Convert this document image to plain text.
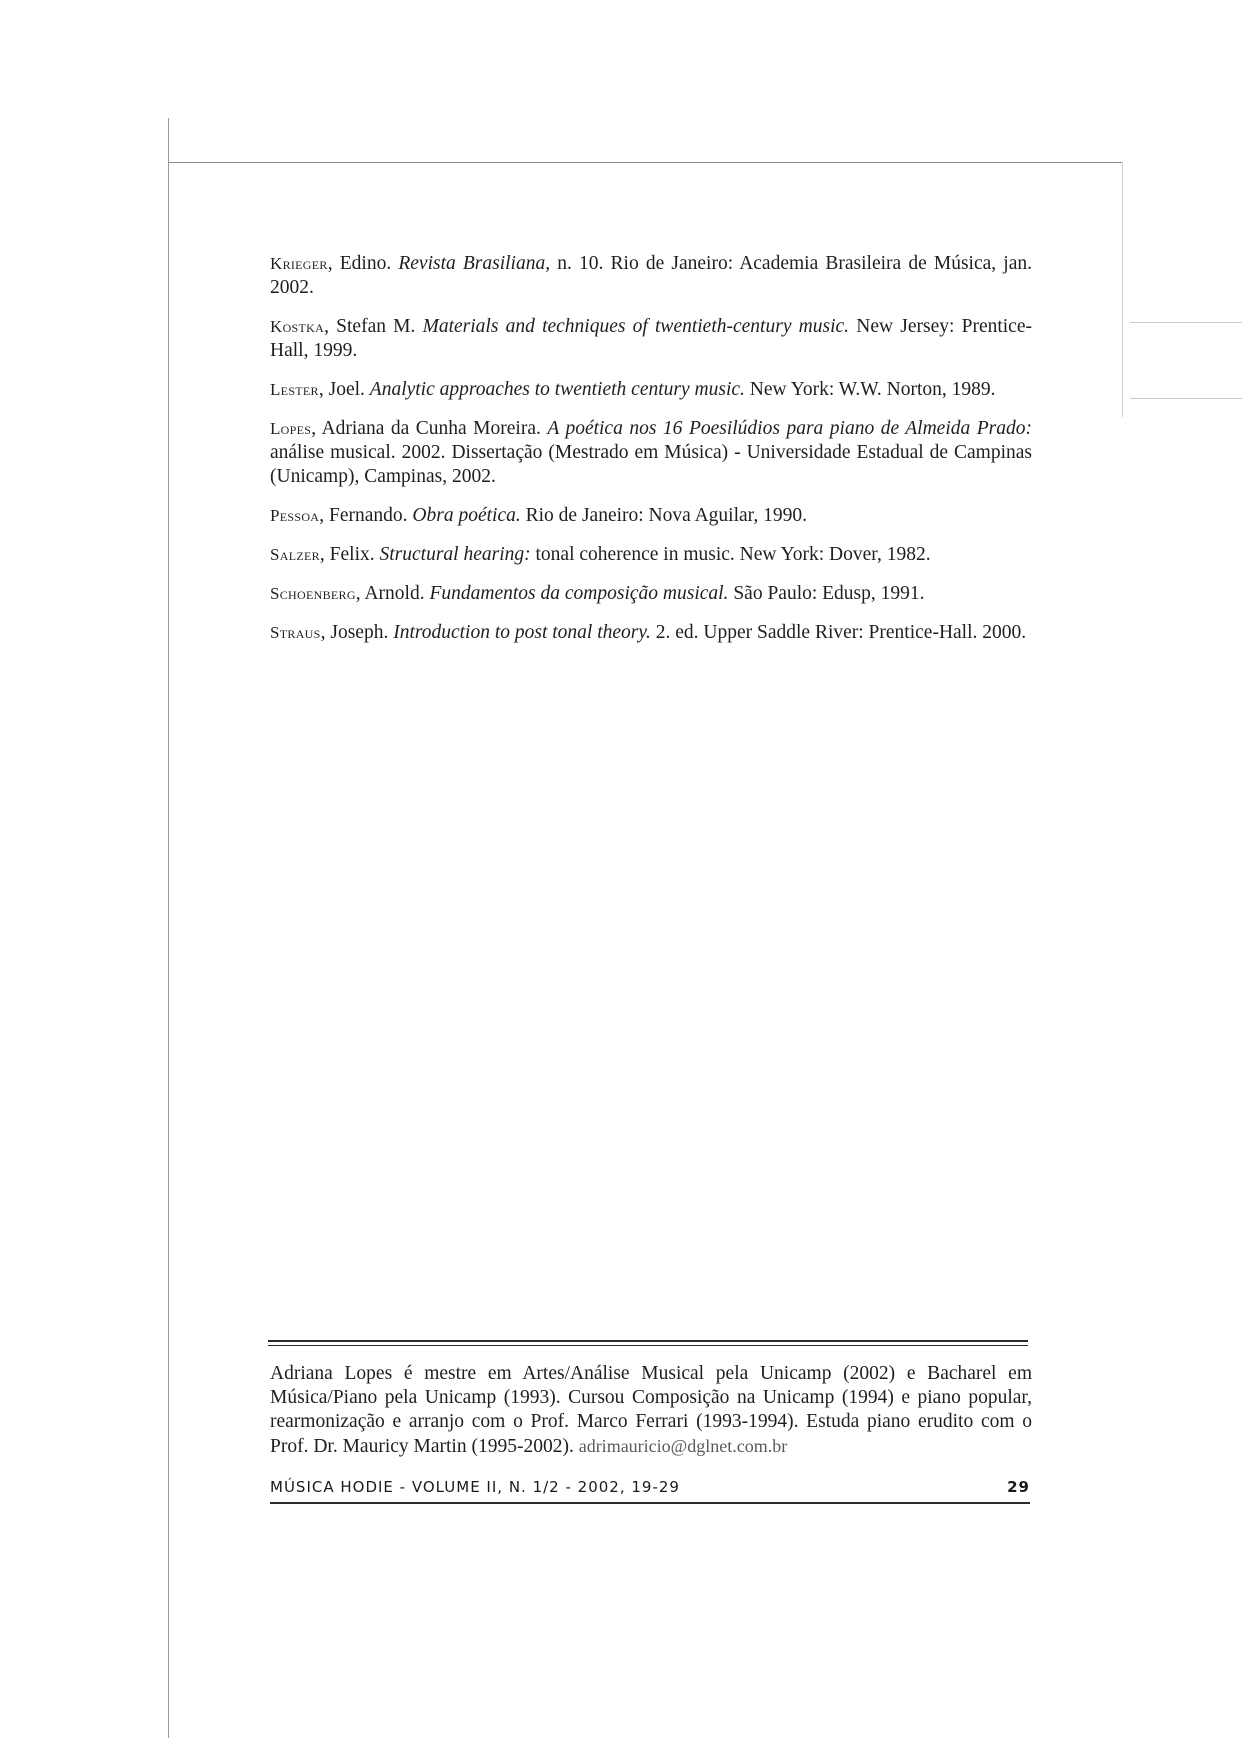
Krieger, Edino. Revista Brasiliana, n. 10. Rio de Janeiro: Academia Brasileira de Música, jan. 2002.

Kostka, Stefan M. Materials and techniques of twentieth-century music. New Jersey: Prentice-Hall, 1999.

Lester, Joel. Analytic approaches to twentieth century music. New York: W.W. Norton, 1989.

Lopes, Adriana da Cunha Moreira. A poética nos 16 Poesilúdios para piano de Almeida Prado: análise musical. 2002. Dissertação (Mestrado em Música) - Universidade Estadual de Campinas (Unicamp), Campinas, 2002.

Pessoa, Fernando. Obra poética. Rio de Janeiro: Nova Aguilar, 1990.

Salzer, Felix. Structural hearing: tonal coherence in music. New York: Dover, 1982.

Schoenberg, Arnold. Fundamentos da composição musical. São Paulo: Edusp, 1991.

Straus, Joseph. Introduction to post tonal theory. 2. ed. Upper Saddle River: Prentice-Hall. 2000.

Adriana Lopes é mestre em Artes/Análise Musical pela Unicamp (2002) e Bacharel em Música/Piano pela Unicamp (1993). Cursou Composição na Unicamp (1994) e piano popular, rearmonização e arranjo com o Prof. Marco Ferrari (1993-1994). Estuda piano erudito com o Prof. Dr. Mauricy Martin (1995-2002). adrimauricio@dglnet.com.br
MÚSICA HODIE - VOLUME II, N. 1/2 - 2002, 19-29	29
